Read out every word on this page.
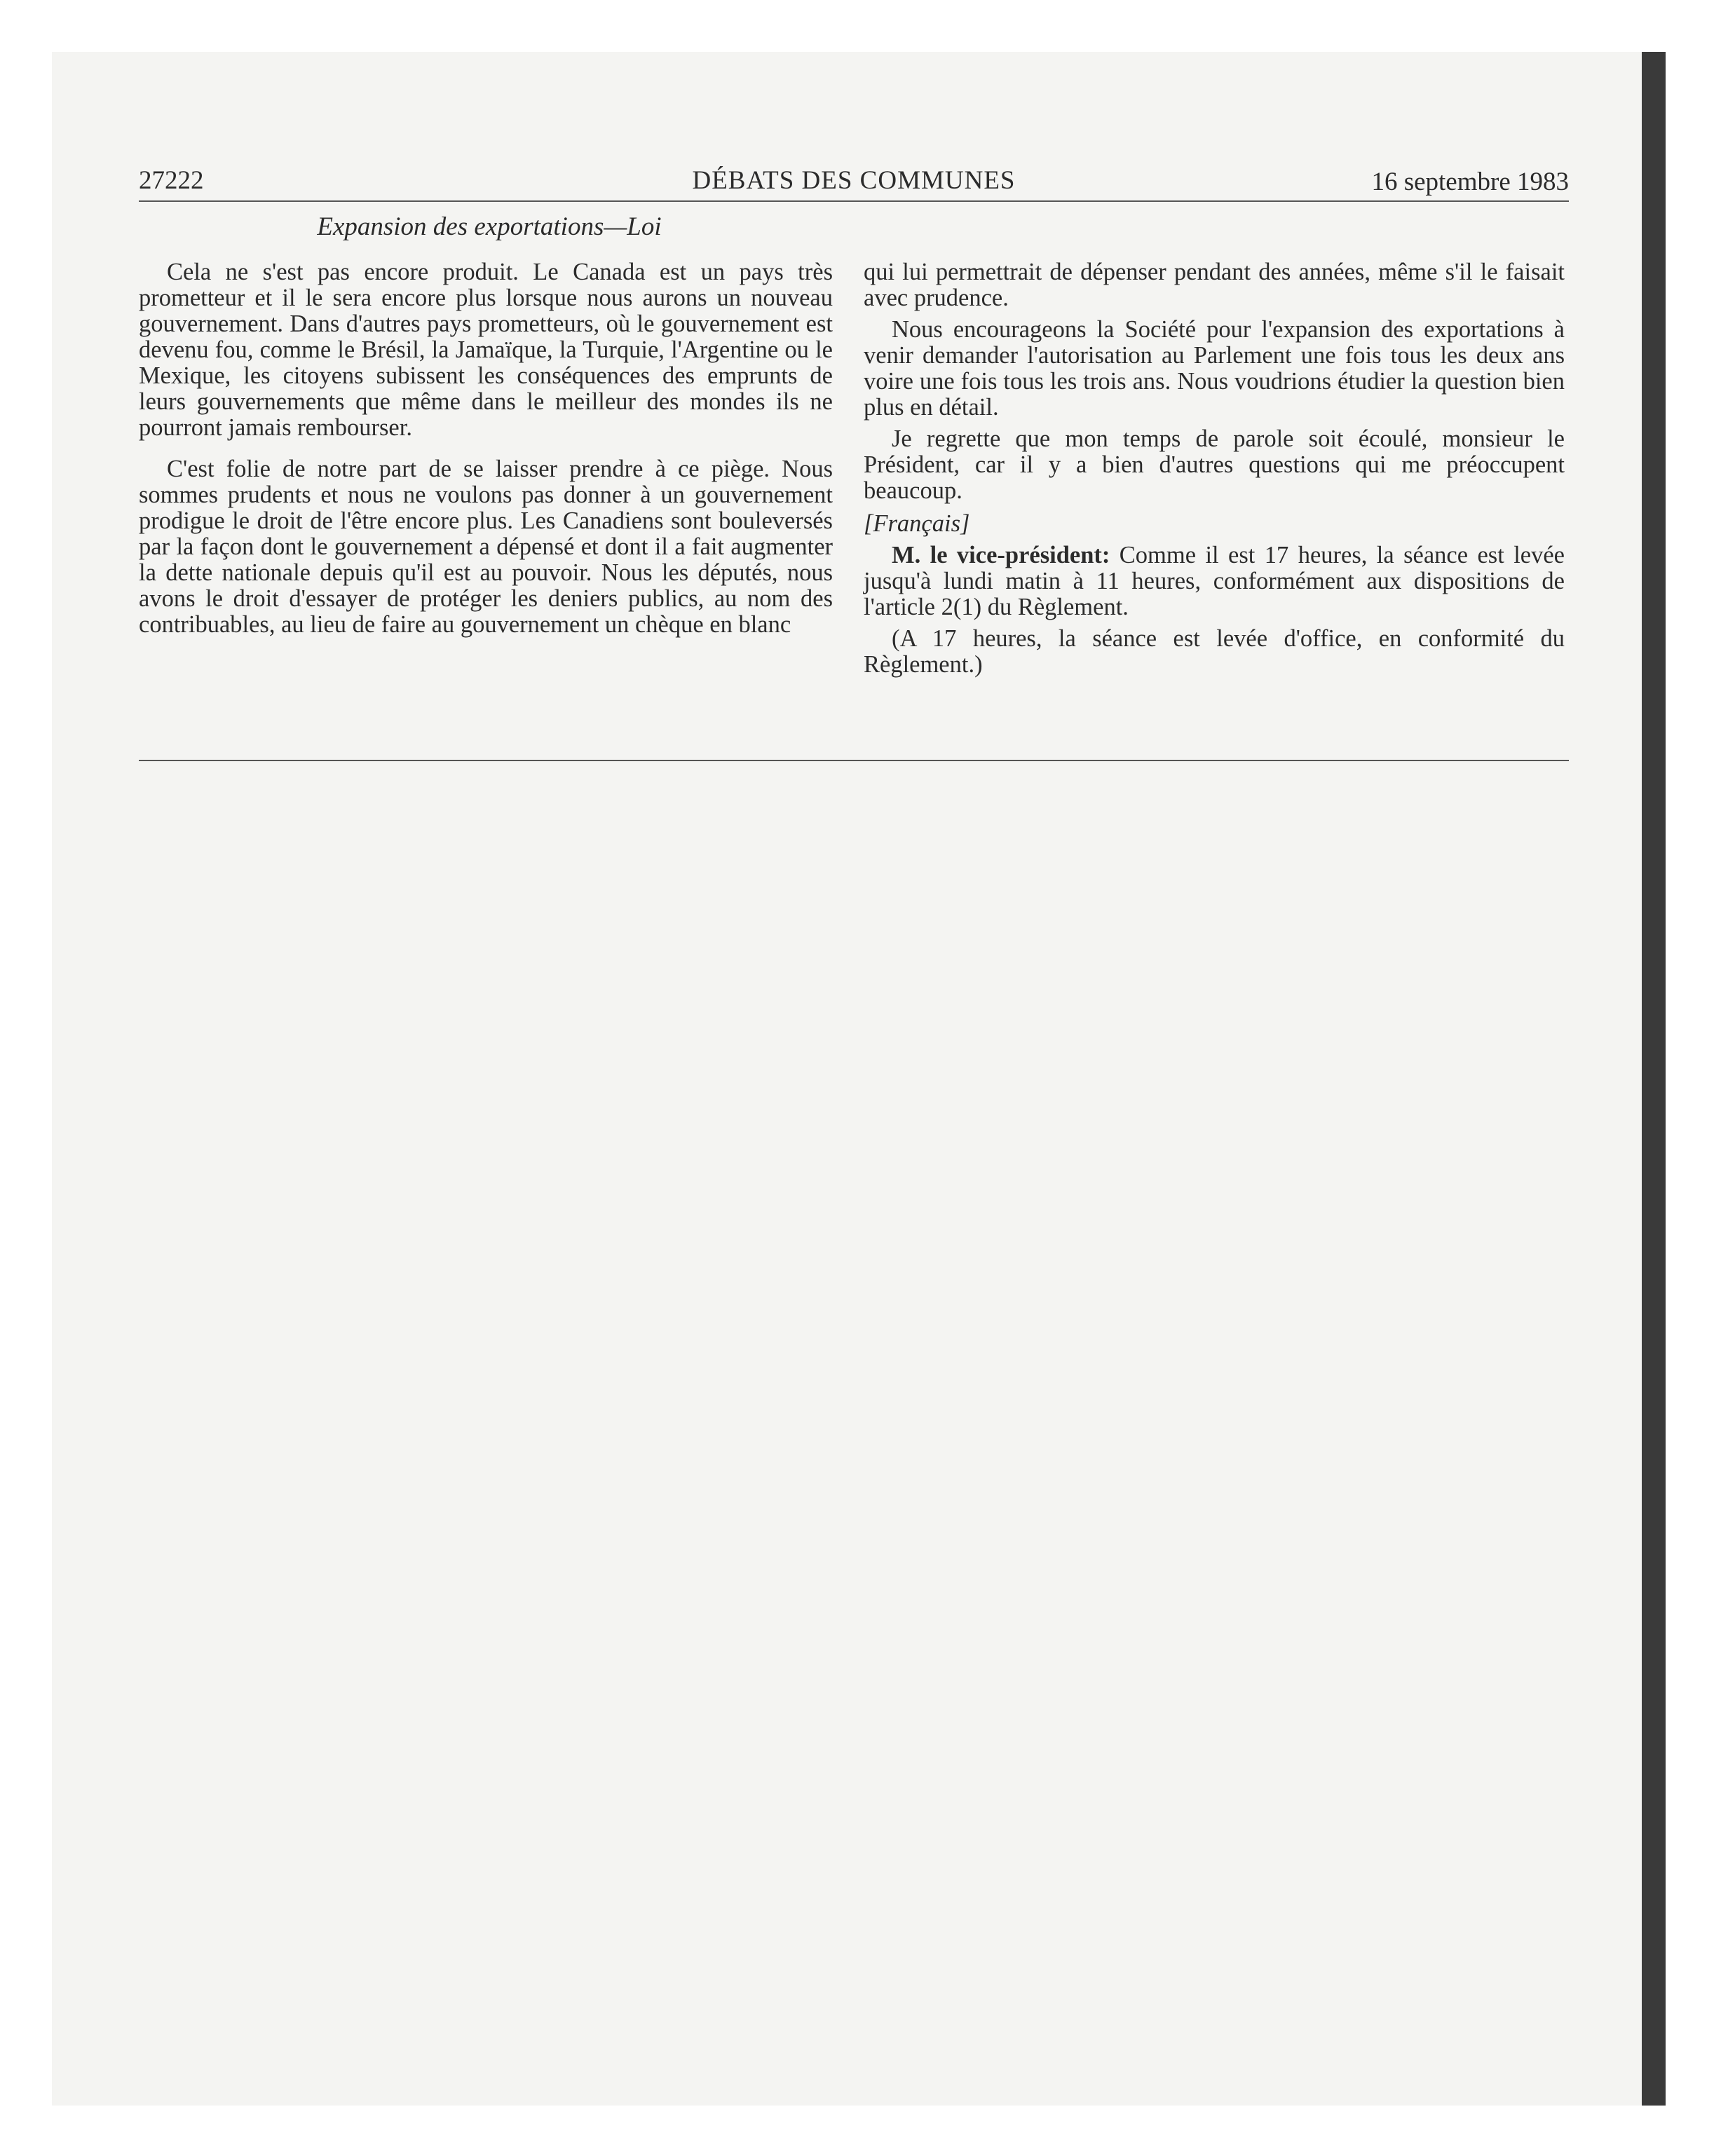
27222	DÉBATS DES COMMUNES	16 septembre 1983
Expansion des exportations—Loi

Cela ne s'est pas encore produit. Le Canada est un pays très prometteur et il le sera encore plus lorsque nous aurons un nouveau gouvernement. Dans d'autres pays prometteurs, où le gouvernement est devenu fou, comme le Brésil, la Jamaïque, la Turquie, l'Argentine ou le Mexique, les citoyens subissent les conséquences des emprunts de leurs gouvernements que même dans le meilleur des mondes ils ne pourront jamais rembourser.

C'est folie de notre part de se laisser prendre à ce piège. Nous sommes prudents et nous ne voulons pas donner à un gouvernement prodigue le droit de l'être encore plus. Les Canadiens sont bouleversés par la façon dont le gouvernement a dépensé et dont il a fait augmenter la dette nationale depuis qu'il est au pouvoir. Nous les députés, nous avons le droit d'essayer de protéger les deniers publics, au nom des contribuables, au lieu de faire au gouvernement un chèque en blanc

qui lui permettrait de dépenser pendant des années, même s'il le faisait avec prudence.

Nous encourageons la Société pour l'expansion des exportations à venir demander l'autorisation au Parlement une fois tous les deux ans voire une fois tous les trois ans. Nous voudrions étudier la question bien plus en détail.

Je regrette que mon temps de parole soit écoulé, monsieur le Président, car il y a bien d'autres questions qui me préoccupent beaucoup.

[Français]

M. le vice-président: Comme il est 17 heures, la séance est levée jusqu'à lundi matin à 11 heures, conformément aux dispositions de l'article 2(1) du Règlement.

(A 17 heures, la séance est levée d'office, en conformité du Règlement.)
